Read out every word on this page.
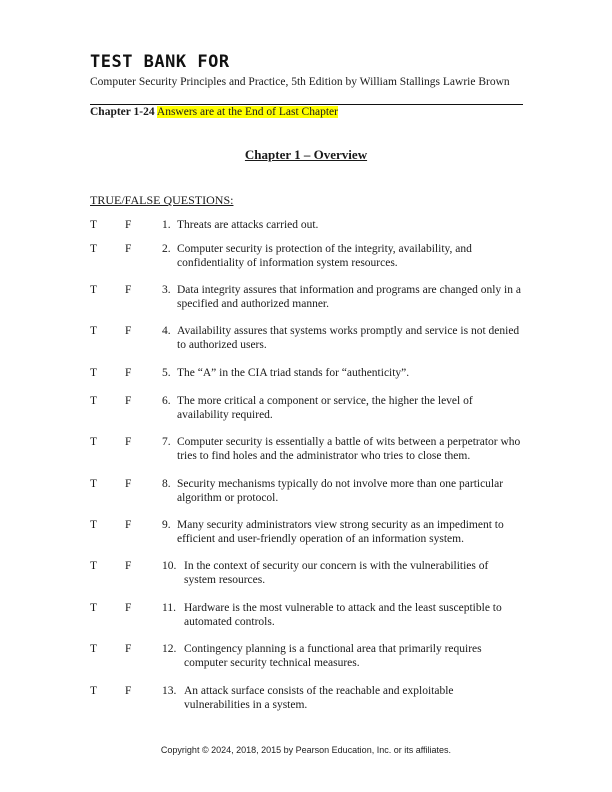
TEST BANK FOR
Computer Security Principles and Practice, 5th Edition by William Stallings Lawrie Brown
Chapter 1-24 Answers are at the End of Last Chapter
Chapter 1 – Overview
TRUE/FALSE QUESTIONS:
T F	1. Threats are attacks carried out.
T F	2. Computer security is protection of the integrity, availability, and confidentiality of information system resources.
T F	3. Data integrity assures that information and programs are changed only in a specified and authorized manner.
T F	4. Availability assures that systems works promptly and service is not denied to authorized users.
T F	5. The “A” in the CIA triad stands for “authenticity”.
T F	6. The more critical a component or service, the higher the level of availability required.
T F	7. Computer security is essentially a battle of wits between a perpetrator who tries to find holes and the administrator who tries to close them.
T F	8. Security mechanisms typically do not involve more than one particular algorithm or protocol.
T F	9. Many security administrators view strong security as an impediment to efficient and user-friendly operation of an information system.
T F	10. In the context of security our concern is with the vulnerabilities of system resources.
T F	11. Hardware is the most vulnerable to attack and the least susceptible to automated controls.
T F	12. Contingency planning is a functional area that primarily requires computer security technical measures.
T F	13. An attack surface consists of the reachable and exploitable vulnerabilities in a system.
Copyright © 2024, 2018, 2015 by Pearson Education, Inc. or its affiliates.
